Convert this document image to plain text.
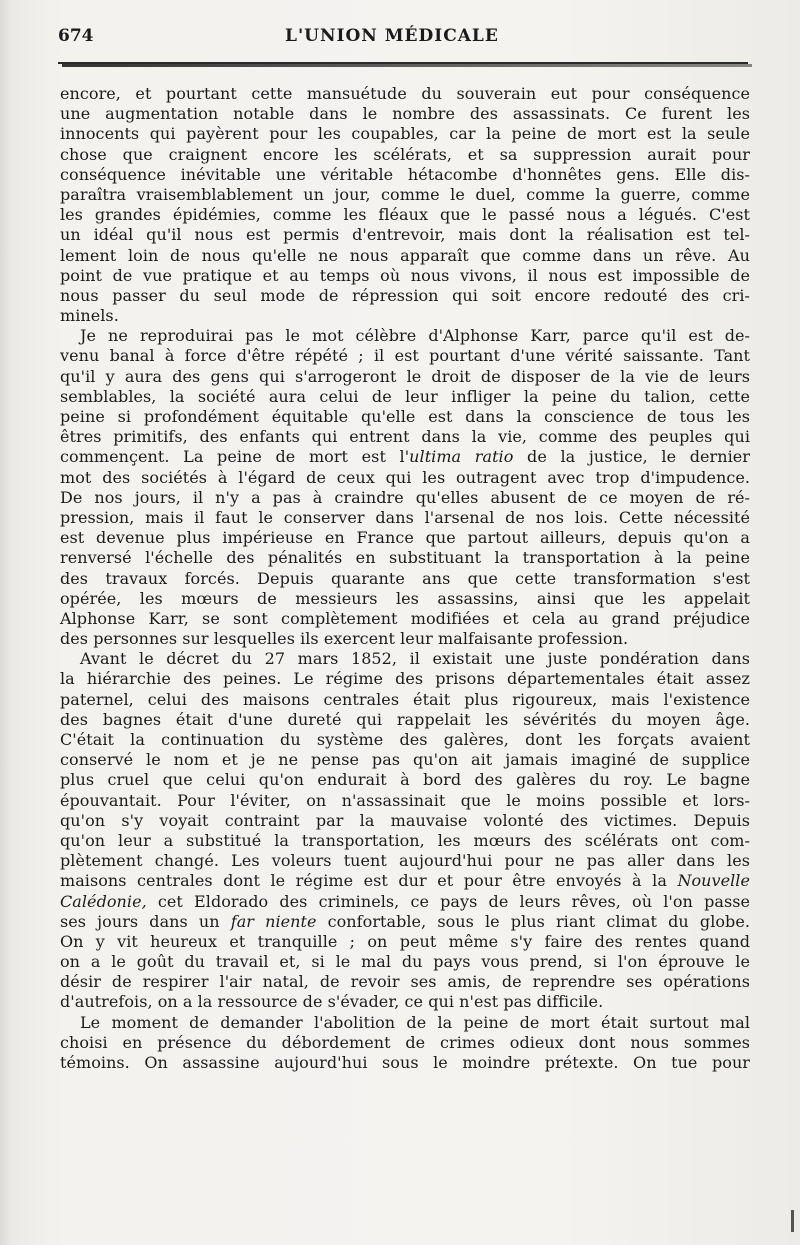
674	L'UNION MÉDICALE
encore, et pourtant cette mansuétude du souverain eut pour conséquence
une augmentation notable dans le nombre des assassinats. Ce furent les
innocents qui payèrent pour les coupables, car la peine de mort est la seule
chose que craignent encore les scélérats, et sa suppression aurait pour
conséquence inévitable une véritable hétacombe d'honnêtes gens. Elle dis-
paraîtra vraisemblablement un jour, comme le duel, comme la guerre, comme
les grandes épidémies, comme les fléaux que le passé nous a légués. C'est
un idéal qu'il nous est permis d'entrevoir, mais dont la réalisation est tel-
lement loin de nous qu'elle ne nous apparaît que comme dans un rêve. Au
point de vue pratique et au temps où nous vivons, il nous est impossible de
nous passer du seul mode de répression qui soit encore redouté des cri-
minels.
Je ne reproduirai pas le mot célèbre d'Alphonse Karr, parce qu'il est de-
venu banal à force d'être répété ; il est pourtant d'une vérité saissante. Tant
qu'il y aura des gens qui s'arrogeront le droit de disposer de la vie de leurs
semblables, la société aura celui de leur infliger la peine du talion, cette
peine si profondément équitable qu'elle est dans la conscience de tous les
êtres primitifs, des enfants qui entrent dans la vie, comme des peuples qui
commençent. La peine de mort est l'ultima ratio de la justice, le dernier
mot des sociétés à l'égard de ceux qui les outragent avec trop d'impudence.
De nos jours, il n'y a pas à craindre qu'elles abusent de ce moyen de ré-
pression, mais il faut le conserver dans l'arsenal de nos lois. Cette nécessité
est devenue plus impérieuse en France que partout ailleurs, depuis qu'on a
renversé l'échelle des pénalités en substituant la transportation à la peine
des travaux forcés. Depuis quarante ans que cette transformation s'est
opérée, les mœurs de messieurs les assassins, ainsi que les appelait
Alphonse Karr, se sont complètement modifiées et cela au grand préjudice
des personnes sur lesquelles ils exercent leur malfaisante profession.
Avant le décret du 27 mars 1852, il existait une juste pondération dans
la hiérarchie des peines. Le régime des prisons départementales était assez
paternel, celui des maisons centrales était plus rigoureux, mais l'existence
des bagnes était d'une dureté qui rappelait les sévérités du moyen âge.
C'était la continuation du système des galères, dont les forçats avaient
conservé le nom et je ne pense pas qu'on ait jamais imaginé de supplice
plus cruel que celui qu'on endurait à bord des galères du roy. Le bagne
épouvantait. Pour l'éviter, on n'assassinait que le moins possible et lors-
qu'on s'y voyait contraint par la mauvaise volonté des victimes. Depuis
qu'on leur a substitué la transportation, les mœurs des scélérats ont com-
plètement changé. Les voleurs tuent aujourd'hui pour ne pas aller dans les
maisons centrales dont le régime est dur et pour être envoyés à la Nouvelle
Calédonie, cet Eldorado des criminels, ce pays de leurs rêves, où l'on passe
ses jours dans un far niente confortable, sous le plus riant climat du globe.
On y vit heureux et tranquille ; on peut même s'y faire des rentes quand
on a le goût du travail et, si le mal du pays vous prend, si l'on éprouve le
désir de respirer l'air natal, de revoir ses amis, de reprendre ses opérations
d'autrefois, on a la ressource de s'évader, ce qui n'est pas difficile.
Le moment de demander l'abolition de la peine de mort était surtout mal
choisi en présence du débordement de crimes odieux dont nous sommes
témoins. On assassine aujourd'hui sous le moindre prétexte. On tue pour
